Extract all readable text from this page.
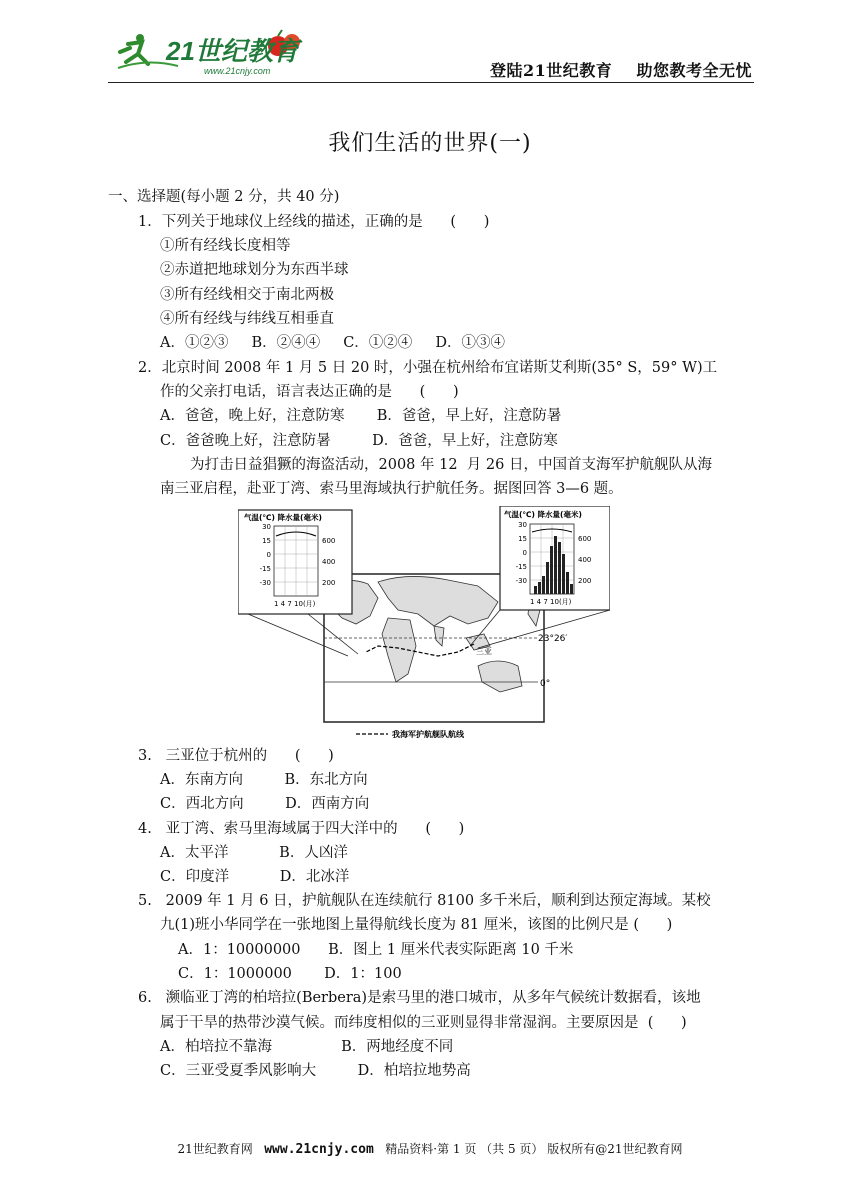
21世纪教育
www.21cnjy.com	登陆21世纪教育    助您教考全无忧
我们生活的世界(一)
一、选择题(每小题 2 分，共 40 分)
1．下列关于地球仪上经线的描述，正确的是      (      )
①所有经线长度相等
②赤道把地球划分为东西半球
③所有经线相交于南北两极
④所有经线与纬线互相垂直
A．①②③     B．②④④     C．①②④     D．①③④
2．北京时间 2008 年 1 月 5 日 20 时，小强在杭州给布宜诺斯艾利斯(35° S，59° W)工
作的父亲打电话，语言表达正确的是      (      )
A．爸爸，晚上好，注意防寒       B．爸爸，早上好，注意防暑
C．爸爸晚上好，注意防暑         D．爸爸，早上好，注意防寒
为打击日益猖獗的海盗活动，2008 年 12  月 26 日，中国首支海军护航舰队从海
南三亚启程，赴亚丁湾、索马里海域执行护航任务。据图回答 3—6 题。
23°26′
0°
三亚
气温(℃) 降水量(毫米)
30
15
0
-15
-30
600
400
200
1 4 7 10(月)
气温(℃) 降水量(毫米)
30
15
0
-15
-30
600
400
200
1 4 7 10(月)
我海军护航舰队航线
3.   三亚位于杭州的      (      )
A．东南方向         B．东北方向
C．西北方向         D．西南方向
4.   亚丁湾、索马里海域属于四大洋中的      (      )
A．太平洋           B．人凶洋
C．印度洋           D．北冰洋
5.   2009 年 1 月 6 日，护航舰队在连续航行 8100 多千米后，顺利到达预定海域。某校
九(1)班小华同学在一张地图上量得航线长度为 81 厘米，该图的比例尺是 (      )
A．1：10000000      B．图上 1 厘米代表实际距离 10 千米
C．1：1000000       D．1：100
6.   濒临亚丁湾的柏培拉(Berbera)是索马里的港口城市，从多年气候统计数据看，该地
属于干旱的热带沙漠气候。而纬度相似的三亚则显得非常湿润。主要原因是  (      )
A．柏培拉不靠海               B．两地经度不同
C．三亚受夏季风影响大         D．柏培拉地势高
21世纪教育网 www.21cnjy.com 精品资料·第 1 页 （共 5 页） 版权所有@21世纪教育网
